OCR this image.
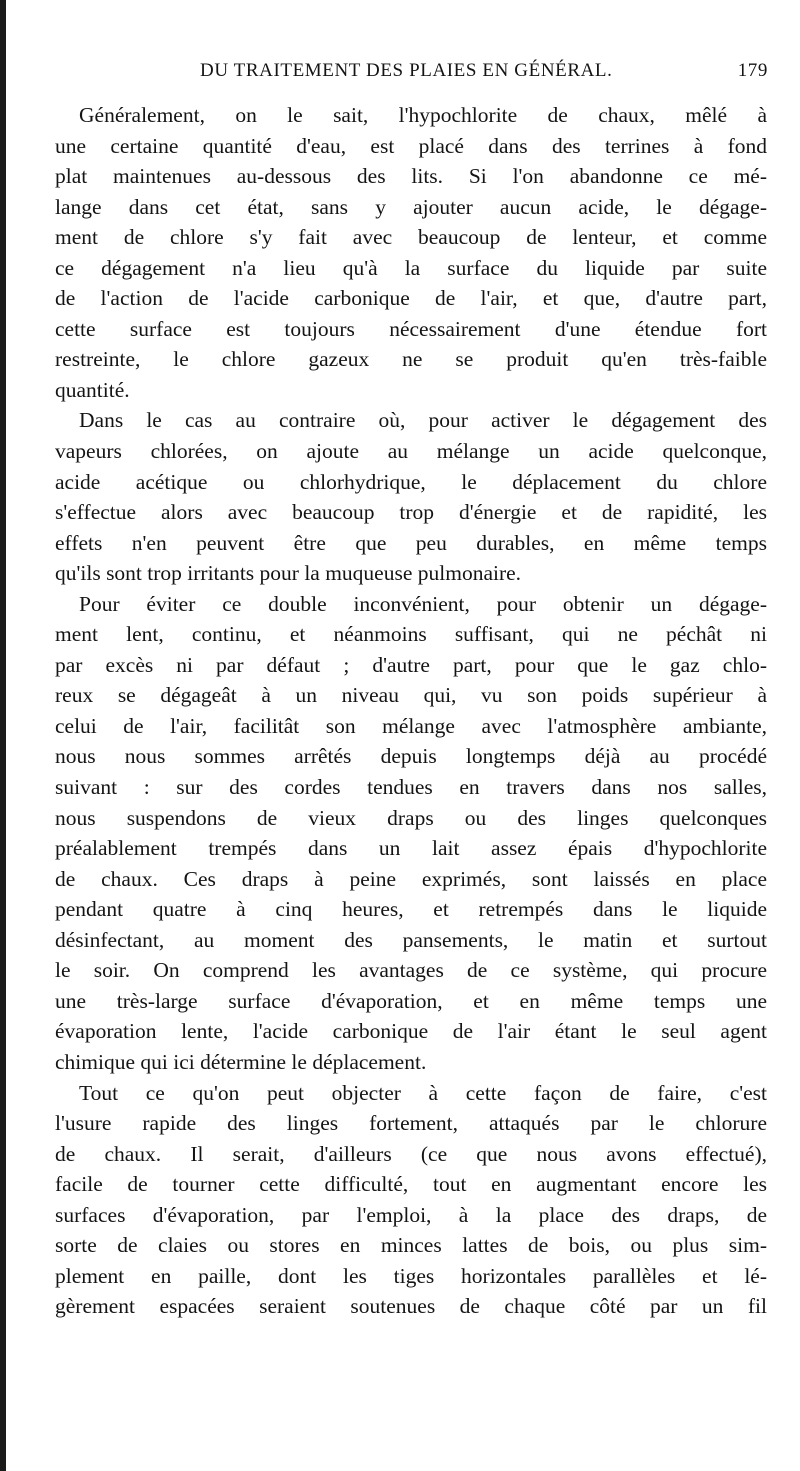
DU TRAITEMENT DES PLAIES EN GÉNÉRAL.	179
Généralement, on le sait, l'hypochlorite de chaux, mêlé à
une certaine quantité d'eau, est placé dans des terrines à fond
plat maintenues au-dessous des lits. Si l'on abandonne ce mé-
lange dans cet état, sans y ajouter aucun acide, le dégage-
ment de chlore s'y fait avec beaucoup de lenteur, et comme
ce dégagement n'a lieu qu'à la surface du liquide par suite
de l'action de l'acide carbonique de l'air, et que, d'autre part,
cette surface est toujours nécessairement d'une étendue fort
restreinte, le chlore gazeux ne se produit qu'en très-faible
quantité.
Dans le cas au contraire où, pour activer le dégagement des
vapeurs chlorées, on ajoute au mélange un acide quelconque,
acide acétique ou chlorhydrique, le déplacement du chlore
s'effectue alors avec beaucoup trop d'énergie et de rapidité, les
effets n'en peuvent être que peu durables, en même temps
qu'ils sont trop irritants pour la muqueuse pulmonaire.
Pour éviter ce double inconvénient, pour obtenir un dégage-
ment lent, continu, et néanmoins suffisant, qui ne péchât ni
par excès ni par défaut ; d'autre part, pour que le gaz chlo-
reux se dégageât à un niveau qui, vu son poids supérieur à
celui de l'air, facilitât son mélange avec l'atmosphère ambiante,
nous nous sommes arrêtés depuis longtemps déjà au procédé
suivant : sur des cordes tendues en travers dans nos salles,
nous suspendons de vieux draps ou des linges quelconques
préalablement trempés dans un lait assez épais d'hypochlorite
de chaux. Ces draps à peine exprimés, sont laissés en place
pendant quatre à cinq heures, et retrempés dans le liquide
désinfectant, au moment des pansements, le matin et surtout
le soir. On comprend les avantages de ce système, qui procure
une très-large surface d'évaporation, et en même temps une
évaporation lente, l'acide carbonique de l'air étant le seul agent
chimique qui ici détermine le déplacement.
Tout ce qu'on peut objecter à cette façon de faire, c'est
l'usure rapide des linges fortement, attaqués par le chlorure
de chaux. Il serait, d'ailleurs (ce que nous avons effectué),
facile de tourner cette difficulté, tout en augmentant encore les
surfaces d'évaporation, par l'emploi, à la place des draps, de
sorte de claies ou stores en minces lattes de bois, ou plus sim-
plement en paille, dont les tiges horizontales parallèles et lé-
gèrement espacées seraient soutenues de chaque côté par un fil
